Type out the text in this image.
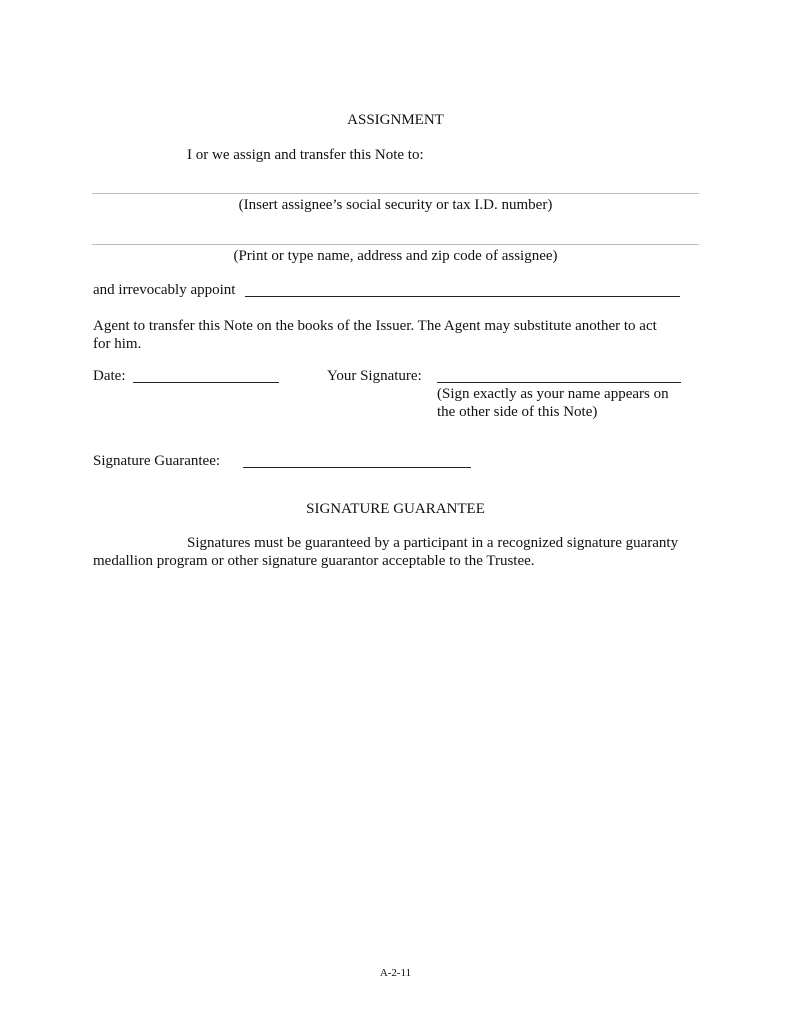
ASSIGNMENT
I or we assign and transfer this Note to:
(Insert assignee’s social security or tax I.D. number)
(Print or type name, address and zip code of assignee)
and irrevocably appoint
Agent to transfer this Note on the books of the Issuer. The Agent may substitute another to act
for him.
Date:	Your Signature:
(Sign exactly as your name appears on
the other side of this Note)
Signature Guarantee:
SIGNATURE GUARANTEE
Signatures must be guaranteed by a participant in a recognized signature guaranty
medallion program or other signature guarantor acceptable to the Trustee.
A-2-11
